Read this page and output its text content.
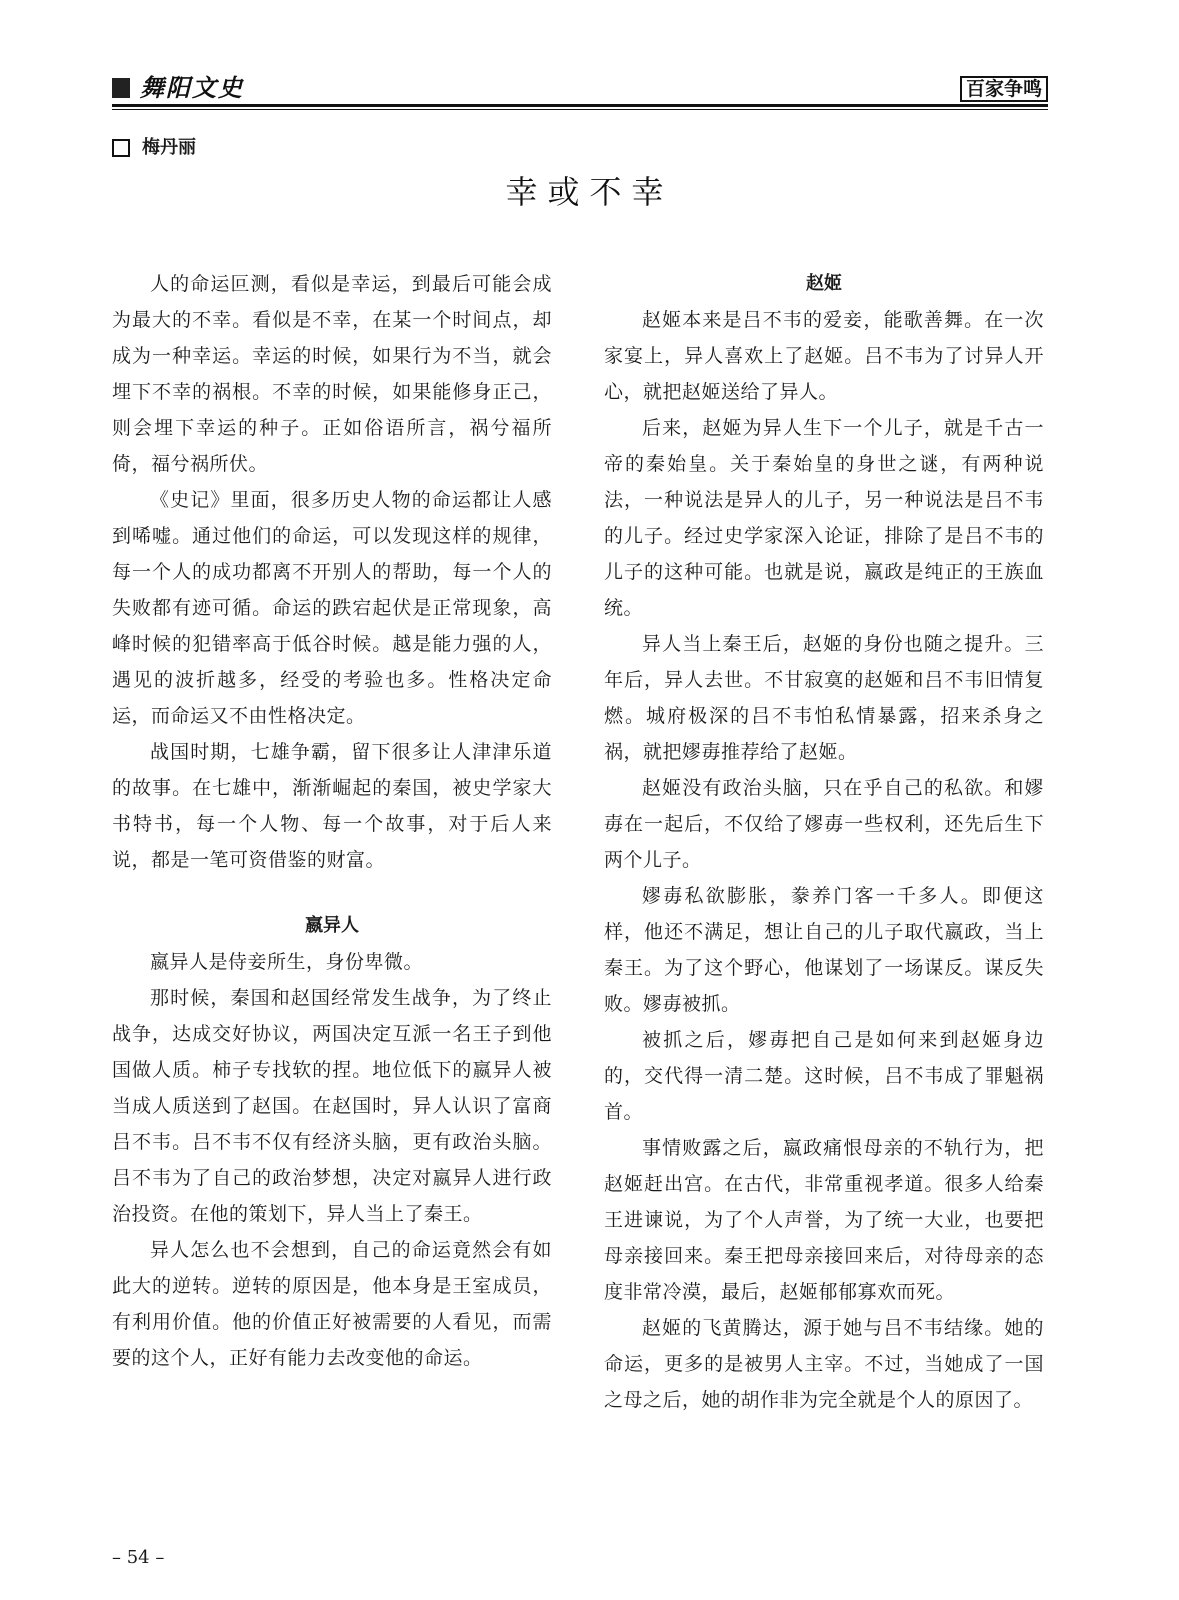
舞阳文史	百家争鸣
梅丹丽
幸或不幸

人的命运叵测，看似是幸运，到最后可能会成为最大的不幸。看似是不幸，在某一个时间点，却成为一种幸运。幸运的时候，如果行为不当，就会埋下不幸的祸根。不幸的时候，如果能修身正己，则会埋下幸运的种子。正如俗语所言，祸兮福所倚，福兮祸所伏。

《史记》里面，很多历史人物的命运都让人感到唏嘘。通过他们的命运，可以发现这样的规律，每一个人的成功都离不开别人的帮助，每一个人的失败都有迹可循。命运的跌宕起伏是正常现象，高峰时候的犯错率高于低谷时候。越是能力强的人，遇见的波折越多，经受的考验也多。性格决定命运，而命运又不由性格决定。

战国时期，七雄争霸，留下很多让人津津乐道的故事。在七雄中，渐渐崛起的秦国，被史学家大书特书，每一个人物、每一个故事，对于后人来说，都是一笔可资借鉴的财富。

嬴异人

嬴异人是侍妾所生，身份卑微。

那时候，秦国和赵国经常发生战争，为了终止战争，达成交好协议，两国决定互派一名王子到他国做人质。柿子专找软的捏。地位低下的嬴异人被当成人质送到了赵国。在赵国时，异人认识了富商吕不韦。吕不韦不仅有经济头脑，更有政治头脑。吕不韦为了自己的政治梦想，决定对嬴异人进行政治投资。在他的策划下，异人当上了秦王。

异人怎么也不会想到，自己的命运竟然会有如此大的逆转。逆转的原因是，他本身是王室成员，有利用价值。他的价值正好被需要的人看见，而需要的这个人，正好有能力去改变他的命运。

赵姬

赵姬本来是吕不韦的爱妾，能歌善舞。在一次家宴上，异人喜欢上了赵姬。吕不韦为了讨异人开心，就把赵姬送给了异人。

后来，赵姬为异人生下一个儿子，就是千古一帝的秦始皇。关于秦始皇的身世之谜，有两种说法，一种说法是异人的儿子，另一种说法是吕不韦的儿子。经过史学家深入论证，排除了是吕不韦的儿子的这种可能。也就是说，嬴政是纯正的王族血统。

异人当上秦王后，赵姬的身份也随之提升。三年后，异人去世。不甘寂寞的赵姬和吕不韦旧情复燃。城府极深的吕不韦怕私情暴露，招来杀身之祸，就把嫪毐推荐给了赵姬。

赵姬没有政治头脑，只在乎自己的私欲。和嫪毐在一起后，不仅给了嫪毐一些权利，还先后生下两个儿子。

嫪毐私欲膨胀，豢养门客一千多人。即便这样，他还不满足，想让自己的儿子取代嬴政，当上秦王。为了这个野心，他谋划了一场谋反。谋反失败。嫪毐被抓。

被抓之后，嫪毐把自己是如何来到赵姬身边的，交代得一清二楚。这时候，吕不韦成了罪魁祸首。

事情败露之后，嬴政痛恨母亲的不轨行为，把赵姬赶出宫。在古代，非常重视孝道。很多人给秦王进谏说，为了个人声誉，为了统一大业，也要把母亲接回来。秦王把母亲接回来后，对待母亲的态度非常冷漠，最后，赵姬郁郁寡欢而死。

赵姬的飞黄腾达，源于她与吕不韦结缘。她的命运，更多的是被男人主宰。不过，当她成了一国之母之后，她的胡作非为完全就是个人的原因了。

– 54 –
